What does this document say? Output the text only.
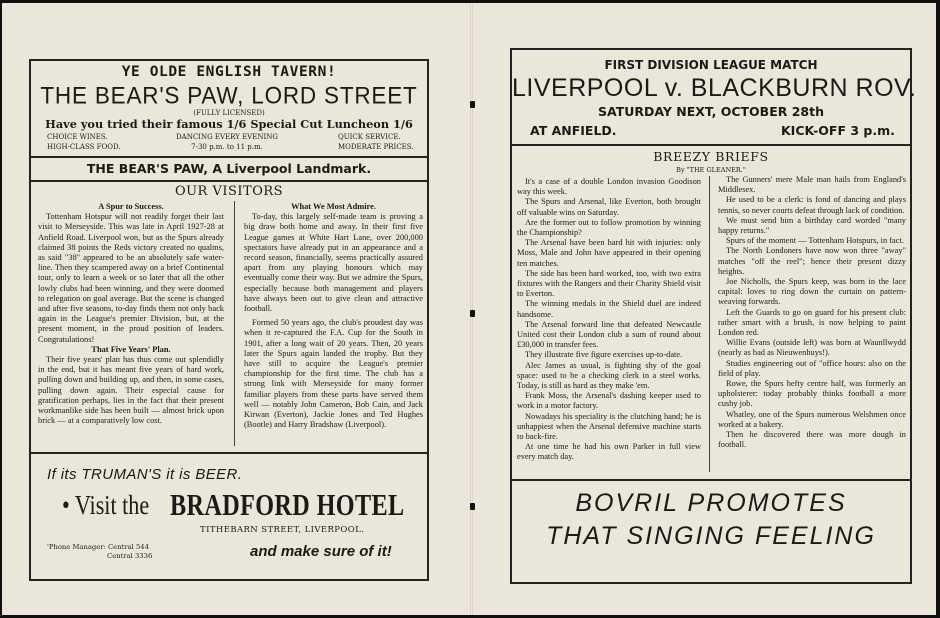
YE OLDE ENGLISH TAVERN!
THE BEAR'S PAW, LORD STREET
(FULLY LICENSED)
Have you tried their famous 1/6 Special Cut Luncheon 1/6
CHOICE WINES.
HIGH-CLASS FOOD.
DANCING EVERY EVENING
7-30 p.m. to 11 p.m.
QUICK SERVICE.
MODERATE PRICES.
THE BEAR'S PAW, A Liverpool Landmark.
OUR VISITORS

A Spur to Success.

Tottenham Hotspur will not readily forget their last visit to Merseyside. This was late in April 1927-28 at Anfield Road. Liverpool won, but as the Spurs already claimed 38 points the Reds victory created no qualms, as said "38" appeared to be an absolutely safe water-line. Then they scampered away on a brief Continental tour, only to learn a week or so later that all the other lowly clubs had been winning, and they were doomed to relegation on goal average. But the scene is changed and after five seasons, to-day finds them not only back again in the League's premier Division, but, at the present moment, in the proud position of leaders. Congratulations!

That Five Years' Plan.

Their five years' plan has thus come out splendidly in the end, but it has meant five years of hard work, pulling down and building up, and then, in some cases, pulling down again. Their especial cause for gratification perhaps, lies in the fact that their present workmanlike side has been built — almost brick upon brick — at a comparatively low cost.

What We Most Admire.

To-day, this largely self-made team is proving a big draw both home and away. In their first five League games at White Hart Lane, over 200,000 spectators have already put in an appearance and a record season, financially, seems practically assured apart from any playing honours which may eventually come their way. But we admire the Spurs, especially because both management and players have always been out to give clean and attractive football.

Formed 50 years ago, the club's proudest day was when it re-captured the F.A. Cup for the South in 1901, after a long wait of 20 years. Then, 20 years later the Spurs again landed the trophy. But they have still to acquire the League's premier championship for the first time. The club has a strong link with Merseyside for many former familiar players from these parts have served them well — notably John Cameron, Bob Cain, and Jack Kirwan (Everton), Jackie Jones and Ted Hughes (Bootle) and Harry Bradshaw (Liverpool).

If its TRUMAN'S it is BEER.
• Visit the BRADFORD HOTEL
TITHEBARN STREET, LIVERPOOL.
'Phone Manager: Central 544
Central 3336	and make sure of it!
FIRST DIVISION LEAGUE MATCH
LIVERPOOL v. BLACKBURN ROV.
SATURDAY NEXT, OCTOBER 28th
AT ANFIELD.	KICK-OFF 3 p.m.
BREEZY BRIEFS
By "THE GLEANER."

It's a case of a double London invasion Goodison way this week.

The Spurs and Arsenal, like Everton, both brought off valuable wins on Saturday.

Are the former out to follow promotion by winning the Championship?

The Arsenal have been hard hit with injuries: only Moss, Male and John have appeared in their opening ten matches.

The side has been hard worked, too, with two extra fixtures with the Rangers and their Charity Shield visit to Everton.

The winning medals in the Shield duel are indeed handsome.

The Arsenal forward line that defeated Newcastle United cost their London club a sum of round about £30,000 in transfer fees.

They illustrate five figure exercises up-to-date.

Alec James as usual, is fighting shy of the goal space: used to be a checking clerk in a steel works. Today, is still as hard as they make 'em.

Frank Moss, the Arsenal's dashing keeper used to work in a motor factory.

Nowadays his speciality is the clutching hand; he is unhappiest when the Arsenal defensive machine starts to back-fire.

At one time he had his own Parker in full view every match day.

The Gunners' mere Male man hails from England's Middlesex.

He used to be a clerk: is fond of dancing and plays tennis, so never courts defeat through lack of condition.

We must send him a birthday card worded "many happy returns."

Spurs of the moment — Tottenham Hotspurs, in fact.

The North Londoners have now won three "away" matches "off the reel"; hence their present dizzy heights.

Joe Nicholls, the Spurs keep, was born in the lace capital: loves to ring down the curtain on pattern-weaving forwards.

Left the Guards to go on guard for his present club: rather smart with a brush, is now helping to paint London red.

Willie Evans (outside left) was born at Waunllwydd (nearly as bad as Nieuwenhuys!).

Studies engineering out of "office hours: also on the field of play.

Rowe, the Spurs hefty centre half, was formerly an upholsterer: today probably thinks football a more cushy job.

Whatley, one of the Spurs numerous Welshmen once worked at a bakery.

Then he discovered there was more dough in football.

BOVRIL PROMOTES
THAT SINGING FEELING
